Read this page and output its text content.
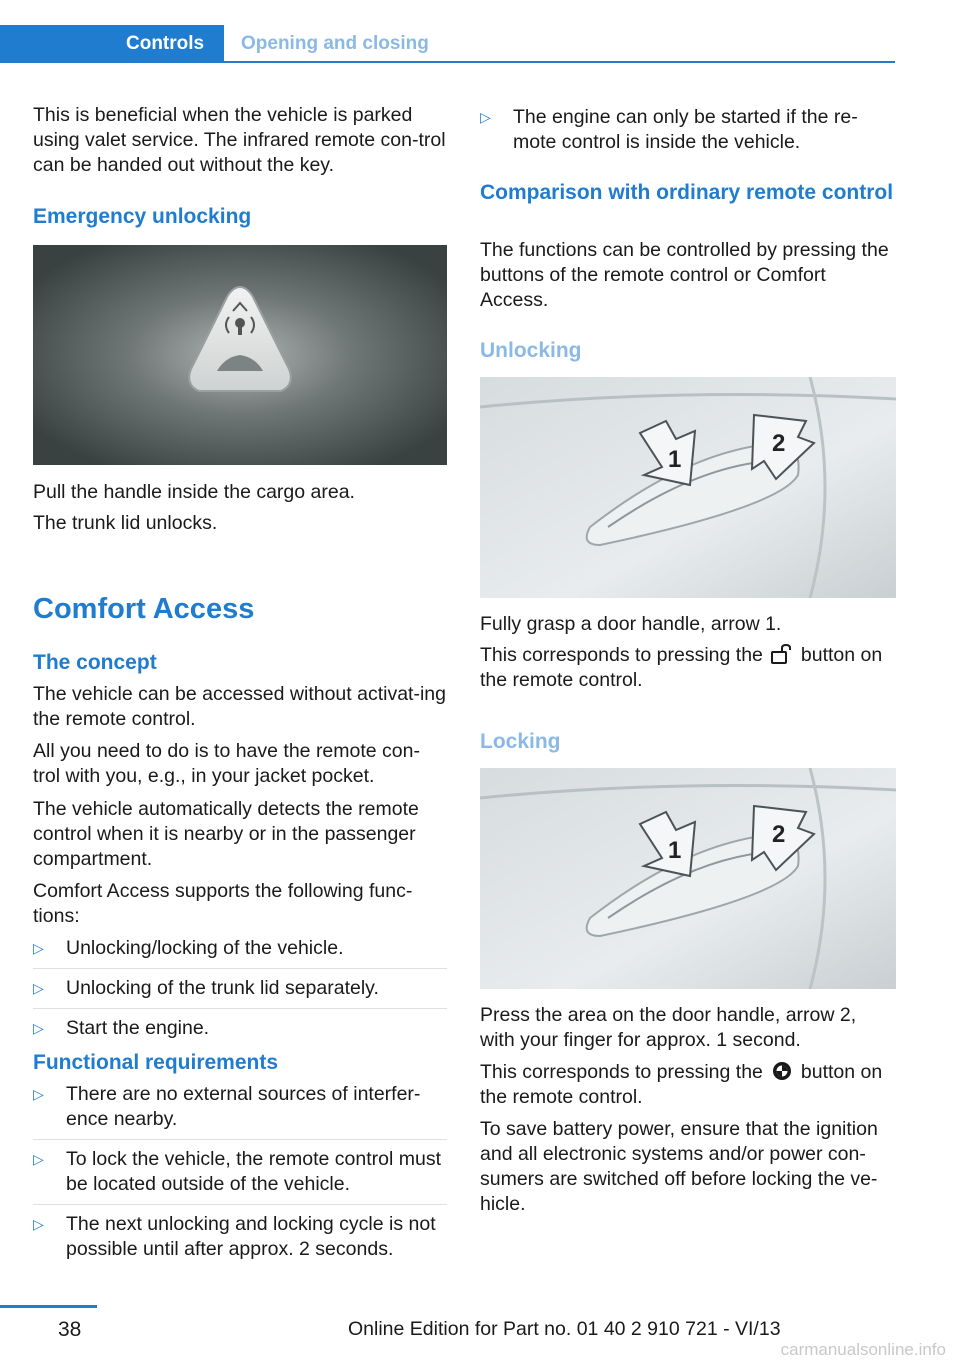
Controls	Opening and closing

This is beneficial when the vehicle is parked using valet service. The infrared remote con-trol can be handed out without the key.

Emergency unlocking

Pull the handle inside the cargo area.

The trunk lid unlocks.

Comfort Access
The concept

The vehicle can be accessed without activat-ing the remote control.

All you need to do is to have the remote con-trol with you, e.g., in your jacket pocket.

The vehicle automatically detects the remote control when it is nearby or in the passenger compartment.

Comfort Access supports the following func-tions:

▷ Unlocking/locking of the vehicle.
▷ Unlocking of the trunk lid separately.
▷ Start the engine.
Functional requirements
▷ There are no external sources of interfer-ence nearby.
▷ To lock the vehicle, the remote control must be located outside of the vehicle.
▷ The next unlocking and locking cycle is not possible until after approx. 2 seconds.
▷ The engine can only be started if the re-mote control is inside the vehicle.
Comparison with ordinary remote control

The functions can be controlled by pressing the buttons of the remote control or Comfort Access.

Unlocking
1
2

Fully grasp a door handle, arrow 1.

This corresponds to pressing the button on the remote control.

Locking
1
2

Press the area on the door handle, arrow 2, with your finger for approx. 1 second.

This corresponds to pressing the button on the remote control.

To save battery power, ensure that the ignition and all electronic systems and/or power con-sumers are switched off before locking the ve-hicle.

38	Online Edition for Part no. 01 40 2 910 721 - VI/13
carmanualsonline.info
